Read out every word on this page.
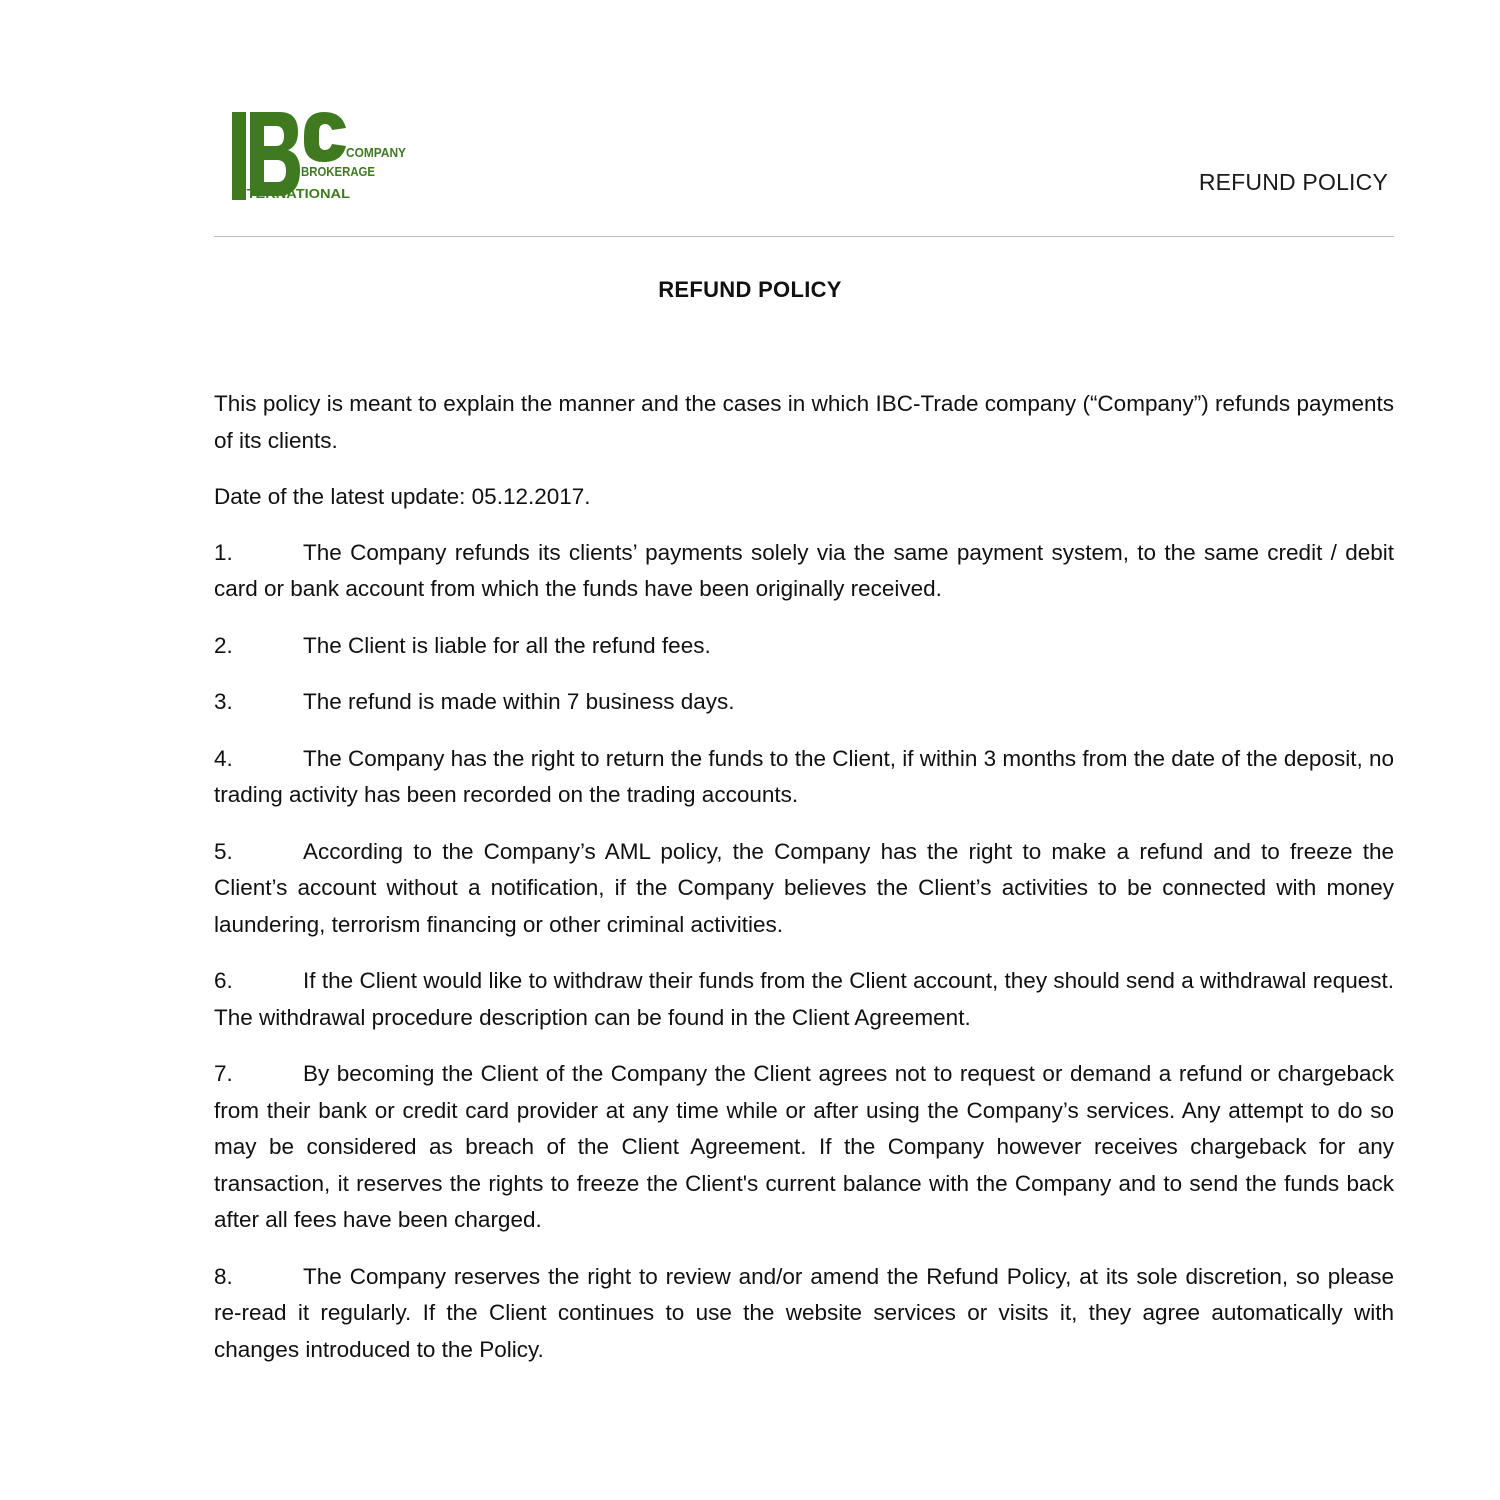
COMPANY
BROKERAGE
INTERNATIONAL
IBC
REFUND POLICY
REFUND POLICY

This policy is meant to explain the manner and the cases in which IBC-Trade company (“Company”) refunds payments of its clients.

Date of the latest update: 05.12.2017.

1.	The Company refunds its clients’ payments solely via the same payment system, to the same credit / debit card or bank account from which the funds have been originally received.

2.	The Client is liable for all the refund fees.

3.	The refund is made within 7 business days.

4.	The Company has the right to return the funds to the Client, if within 3 months from the date of the deposit, no trading activity has been recorded on the trading accounts.

5.	According to the Company’s AML policy, the Company has the right to make a refund and to freeze the Client’s account without a notification, if the Company believes the Client’s activities to be connected with money laundering, terrorism financing or other criminal activities.

6.	If the Client would like to withdraw their funds from the Client account, they should send a withdrawal request. The withdrawal procedure description can be found in the Client Agreement.

7.	By becoming the Client of the Company the Client agrees not to request or demand a refund or chargeback from their bank or credit card provider at any time while or after using the Company’s services. Any attempt to do so may be considered as breach of the Client Agreement. If the Company however receives chargeback for any transaction, it reserves the rights to freeze the Client's current balance with the Company and to send the funds back after all fees have been charged.

8.	The Company reserves the right to review and/or amend the Refund Policy, at its sole discretion, so please re-read it regularly. If the Client continues to use the website services or visits it, they agree automatically with changes introduced to the Policy.
